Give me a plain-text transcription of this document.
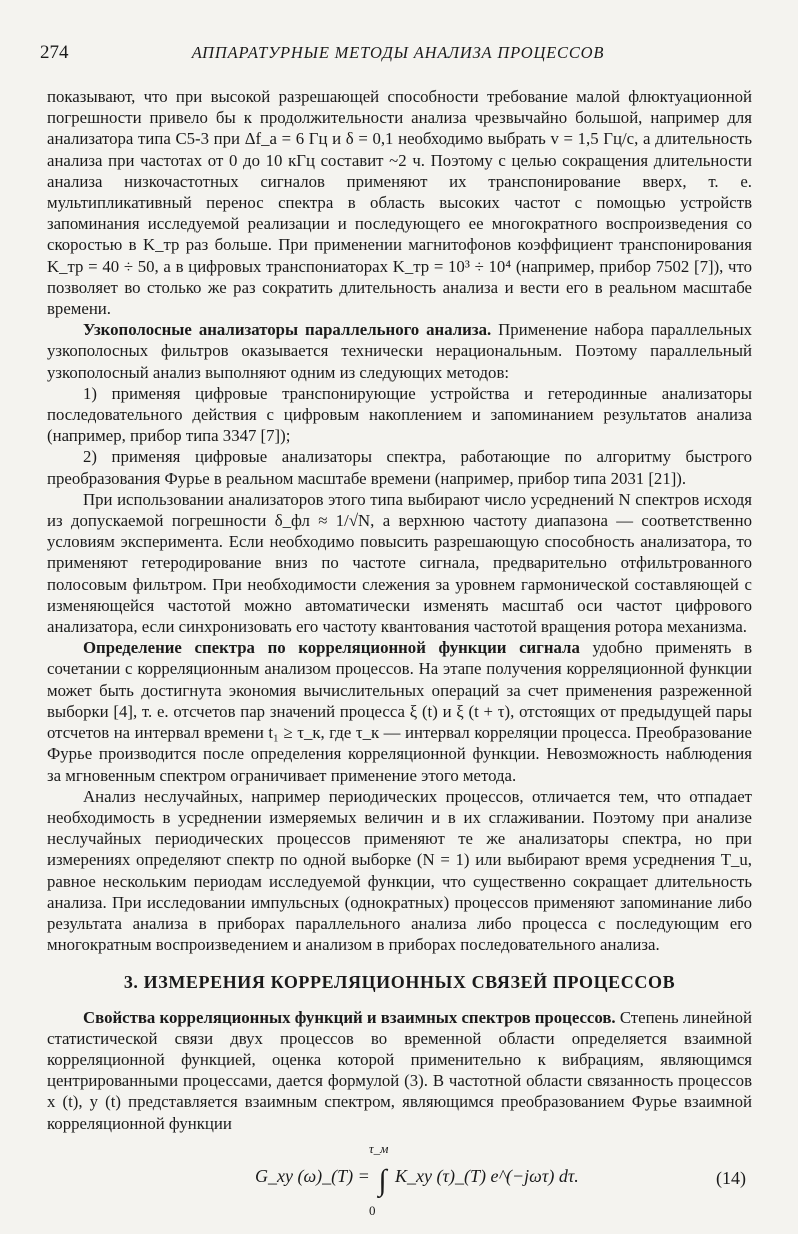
274	АППАРАТУРНЫЕ МЕТОДЫ АНАЛИЗА ПРОЦЕССОВ

показывают, что при высокой разрешающей способности требование малой флюктуационной погрешности привело бы к продолжительности анализа чрезвычайно большой, например для анализатора типа С5-3 при Δf_a = 6 Гц и δ = 0,1 необходимо выбрать v = 1,5 Гц/с, а длительность анализа при частотах от 0 до 10 кГц составит ~2 ч. Поэтому с целью сокращения длительности анализа низкочастотных сигналов применяют их транспонирование вверх, т. е. мультипликативный перенос спектра в область высоких частот с помощью устройств запоминания исследуемой реализации и последующего ее многократного воспроизведения со скоростью в K_тр раз больше. При применении магнитофонов коэффициент транспонирования K_тр = 40 ÷ 50, а в цифровых транспониаторах K_тр = 10³ ÷ 10⁴ (например, прибор 7502 [7]), что позволяет во столько же раз сократить длительность анализа и вести его в реальном масштабе времени.

Узкополосные анализаторы параллельного анализа. Применение набора параллельных узкополосных фильтров оказывается технически нерациональным. Поэтому параллельный узкополосный анализ выполняют одним из следующих методов:

1) применяя цифровые транспонирующие устройства и гетеродинные анализаторы последовательного действия с цифровым накоплением и запоминанием результатов анализа (например, прибор типа 3347 [7]);

2) применяя цифровые анализаторы спектра, работающие по алгоритму быстрого преобразования Фурье в реальном масштабе времени (например, прибор типа 2031 [21]).

При использовании анализаторов этого типа выбирают число усреднений N спектров исходя из допускаемой погрешности δ_фл ≈ 1/√N, а верхнюю частоту диапазона — соответственно условиям эксперимента. Если необходимо повысить разрешающую способность анализатора, то применяют гетеродирование вниз по частоте сигнала, предварительно отфильтрованного полосовым фильтром. При необходимости слежения за уровнем гармонической составляющей с изменяющейся частотой можно автоматически изменять масштаб оси частот цифрового анализатора, если синхронизовать его частоту квантования частотой вращения ротора механизма.

Определение спектра по корреляционной функции сигнала удобно применять в сочетании с корреляционным анализом процессов. На этапе получения корреляционной функции может быть достигнута экономия вычислительных операций за счет применения разреженной выборки [4], т. е. отсчетов пар значений процесса ξ (t) и ξ (t + τ), отстоящих от предыдущей пары отсчетов на интервал времени t₁ ≥ τ_к, где τ_к — интервал корреляции процесса. Преобразование Фурье производится после определения корреляционной функции. Невозможность наблюдения за мгновенным спектром ограничивает применение этого метода.

Анализ неслучайных, например периодических процессов, отличается тем, что отпадает необходимость в усреднении измеряемых величин и в их сглаживании. Поэтому при анализе неслучайных периодических процессов применяют те же анализаторы спектра, но при измерениях определяют спектр по одной выборке (N = 1) или выбирают время усреднения T_u, равное нескольким периодам исследуемой функции, что существенно сокращает длительность анализа. При исследовании импульсных (однократных) процессов применяют запоминание либо результата анализа в приборах параллельного анализа либо процесса с последующим его многократным воспроизведением и анализом в приборах последовательного анализа.

3. ИЗМЕРЕНИЯ КОРРЕЛЯЦИОННЫХ СВЯЗЕЙ ПРОЦЕССОВ

Свойства корреляционных функций и взаимных спектров процессов. Степень линейной статистической связи двух процессов во временной области определяется взаимной корреляционной функцией, оценка которой применительно к вибрациям, являющимся центрированными процессами, дается формулой (3). В частотной области связанность процессов x (t), y (t) представляется взаимным спектром, являющимся преобразованием Фурье взаимной корреляционной функции

τ_м
G_xy (ω)_(T) = ∫ K_xy (τ)_(T) e^(−jωτ) dτ.
0
(14)
